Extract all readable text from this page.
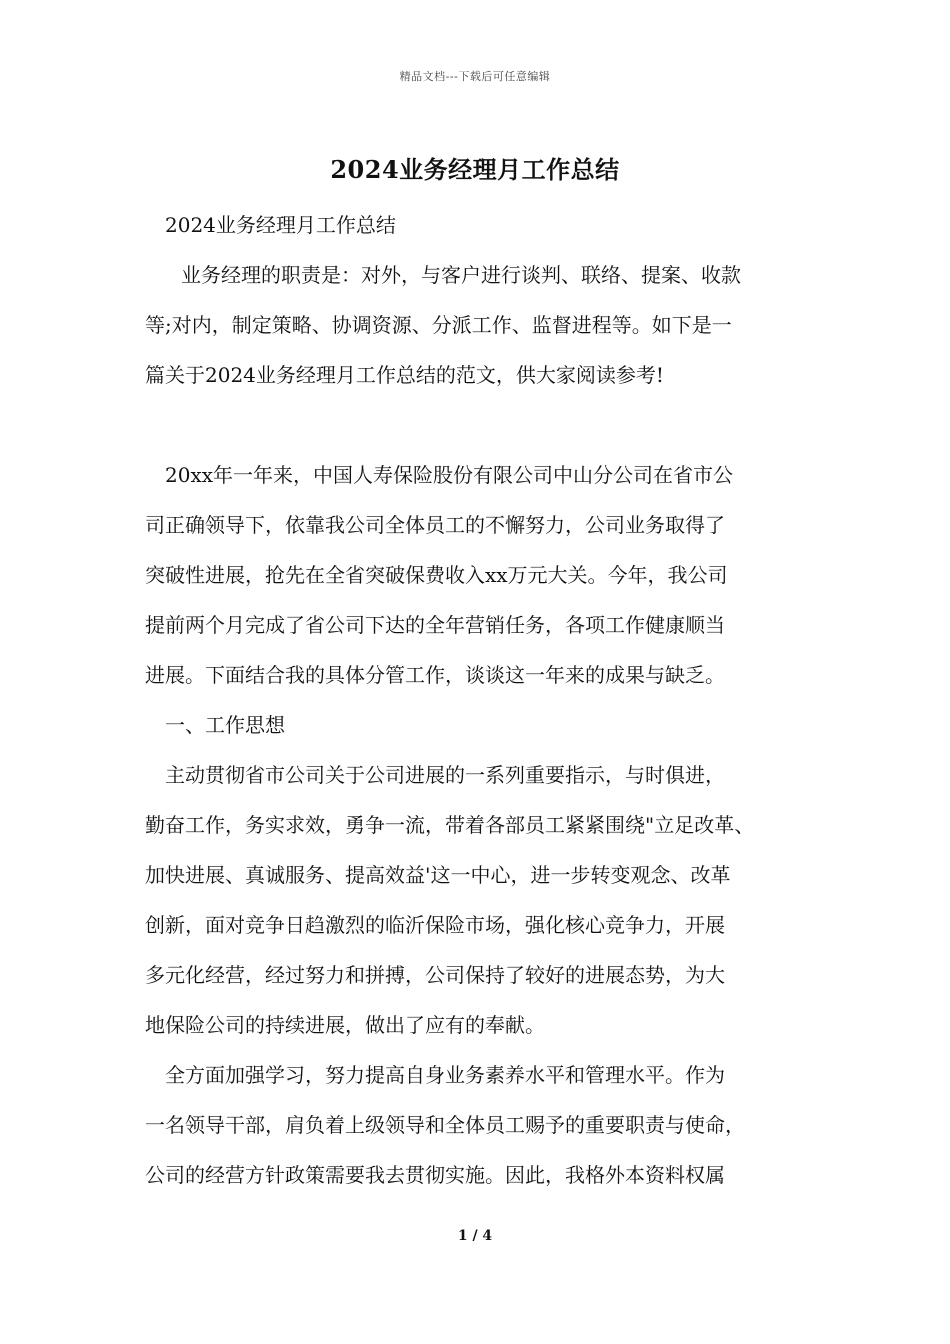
精品文档---下载后可任意编辑
2024业务经理月工作总结
2024业务经理月工作总结
业务经理的职责是：对外，与客户进行谈判、联络、提案、收款
等;对内，制定策略、协调资源、分派工作、监督进程等。如下是一
篇关于2024业务经理月工作总结的范文，供大家阅读参考!
20xx年一年来，中国人寿保险股份有限公司中山分公司在省市公
司正确领导下，依靠我公司全体员工的不懈努力，公司业务取得了
突破性进展，抢先在全省突破保费收入xx万元大关。今年，我公司
提前两个月完成了省公司下达的全年营销任务，各项工作健康顺当
进展。下面结合我的具体分管工作，谈谈这一年来的成果与缺乏。
一、工作思想
主动贯彻省市公司关于公司进展的一系列重要指示，与时俱进，
勤奋工作，务实求效，勇争一流，带着各部员工紧紧围绕"立足改革、
加快进展、真诚服务、提高效益'这一中心，进一步转变观念、改革
创新，面对竞争日趋激烈的临沂保险市场，强化核心竞争力，开展
多元化经营，经过努力和拼搏，公司保持了较好的进展态势，为大
地保险公司的持续进展，做出了应有的奉献。
全方面加强学习，努力提高自身业务素养水平和管理水平。作为
一名领导干部，肩负着上级领导和全体员工赐予的重要职责与使命，
公司的经营方针政策需要我去贯彻实施。因此，我格外本资料权属
1 / 4
